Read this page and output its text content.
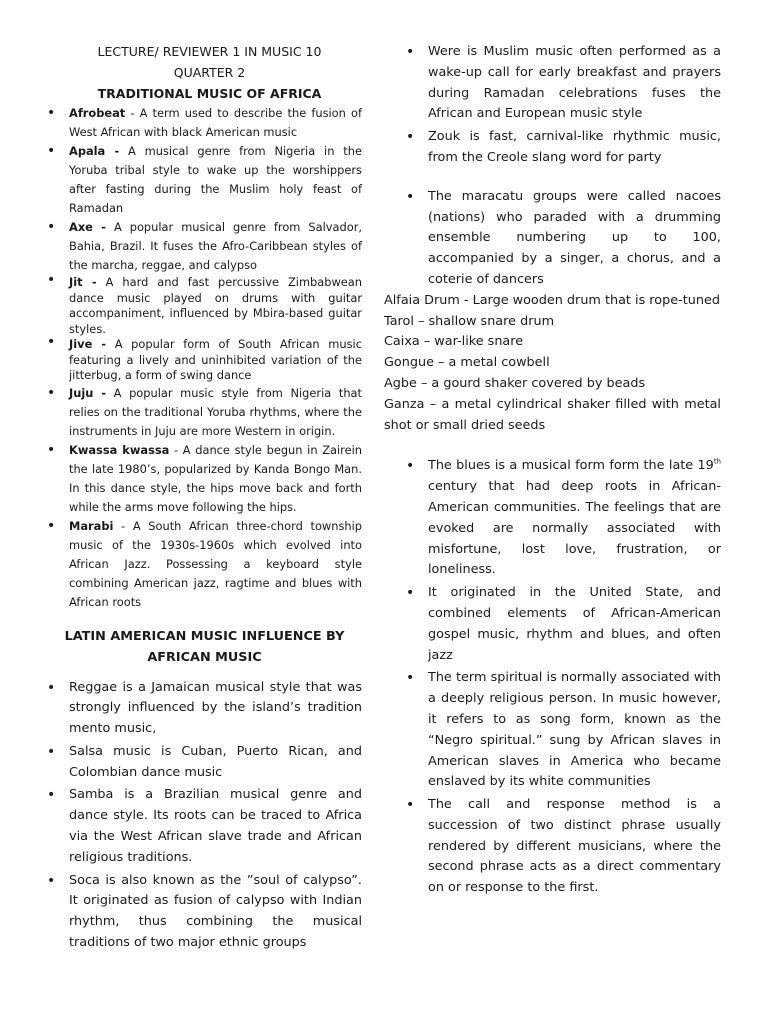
LECTURE/ REVIEWER 1 IN MUSIC 10
QUARTER 2
TRADITIONAL MUSIC OF AFRICA
• Afrobeat - A term used to describe the fusion of West African with black American music
• Apala - A musical genre from Nigeria in the Yoruba tribal style to wake up the worshippers after fasting during the Muslim holy feast of Ramadan
• Axe - A popular musical genre from Salvador, Bahia, Brazil. It fuses the Afro-Caribbean styles of the marcha, reggae, and calypso
• Jit - A hard and fast percussive Zimbabwean dance music played on drums with guitar accompaniment, influenced by Mbira-based guitar styles.
• Jive - A popular form of South African music featuring a lively and uninhibited variation of the jitterbug, a form of swing dance
• Juju - A popular music style from Nigeria that relies on the traditional Yoruba rhythms, where the instruments in Juju are more Western in origin.
• Kwassa kwassa - A dance style begun in Zairein the late 1980’s, popularized by Kanda Bongo Man. In this dance style, the hips move back and forth while the arms move following the hips.
• Marabi - A South African three-chord township music of the 1930s-1960s which evolved into African Jazz. Possessing a keyboard style combining American jazz, ragtime and blues with African roots
LATIN AMERICAN MUSIC INFLUENCE BY
AFRICAN MUSIC
• Reggae is a Jamaican musical style that was strongly influenced by the island’s tradition mento music,
• Salsa music is Cuban, Puerto Rican, and Colombian dance music
• Samba is a Brazilian musical genre and dance style. Its roots can be traced to Africa via the West African slave trade and African religious traditions.
• Soca is also known as the ”soul of calypso”. It originated as fusion of calypso with Indian rhythm, thus combining the musical traditions of two major ethnic groups
• Were is Muslim music often performed as a wake-up call for early breakfast and prayers during Ramadan celebrations fuses the African and European music style
• Zouk is fast, carnival-like rhythmic music, from the Creole slang word for party
• The maracatu groups were called nacoes (nations) who paraded with a drumming ensemble numbering up to 100, accompanied by a singer, a chorus, and a coterie of dancers

Alfaia Drum - Large wooden drum that is rope-tuned

Tarol – shallow snare drum

Caixa – war-like snare

Gongue – a metal cowbell

Agbe – a gourd shaker covered by beads

Ganza – a metal cylindrical shaker filled with metal shot or small dried seeds

• The blues is a musical form form the late 19th century that had deep roots in African-American communities. The feelings that are evoked are normally associated with misfortune, lost love, frustration, or loneliness.
• It originated in the United State, and combined elements of African-American gospel music, rhythm and blues, and often jazz
• The term spiritual is normally associated with a deeply religious person. In music however, it refers to as song form, known as the “Negro spiritual.” sung by African slaves in American slaves in America who became enslaved by its white communities
• The call and response method is a succession of two distinct phrase usually rendered by different musicians, where the second phrase acts as a direct commentary on or response to the first.
